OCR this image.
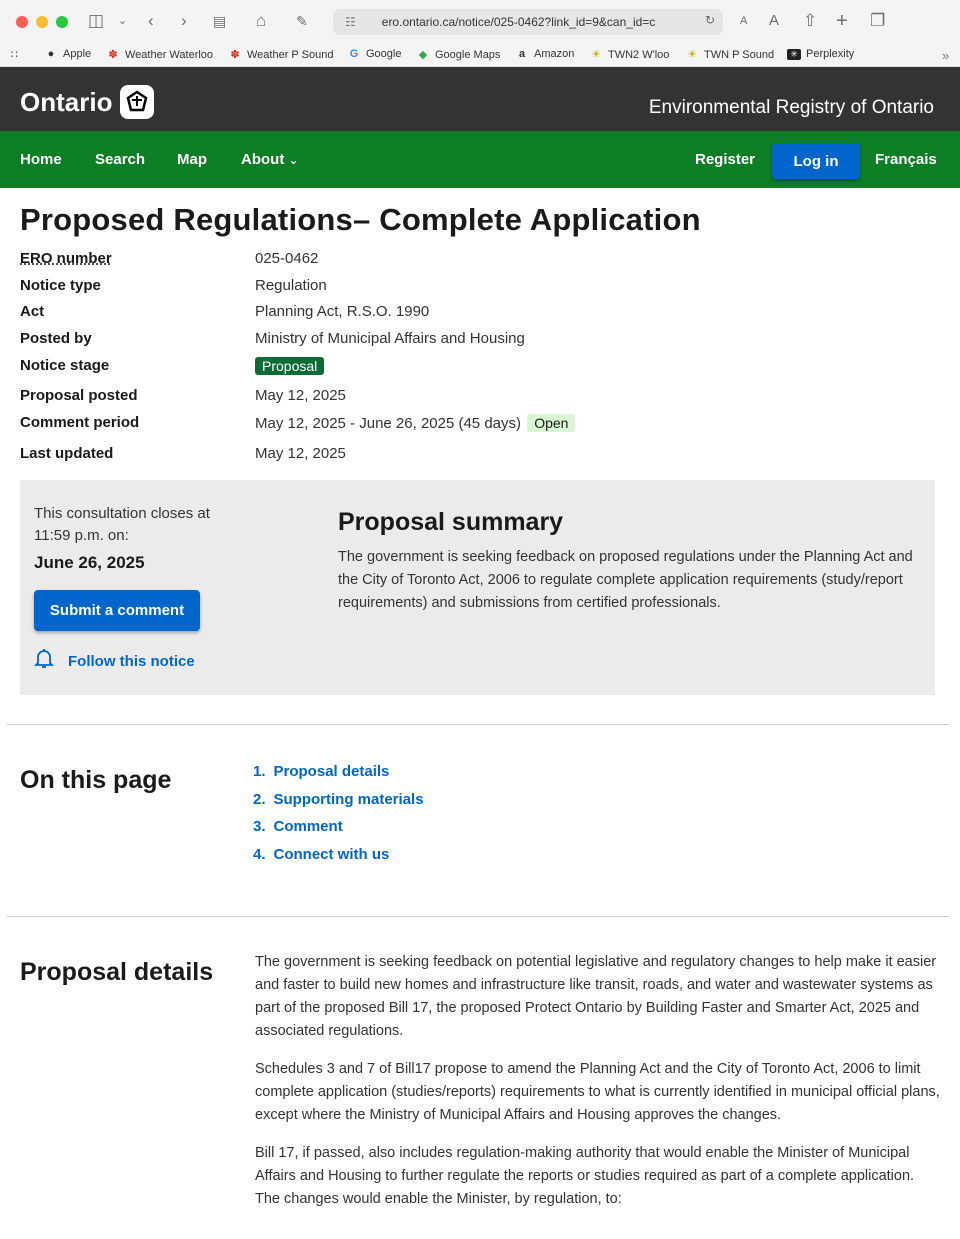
◫ ⌄ ‹ › ▤ ⌂ ✎	☷ ero.ontario.ca/notice/025-0462?link_id=9&can_id=c	↻ A A ⇧ + ❐
∷	● Apple ✽ Weather Waterloo ✽ Weather P Sound G Google ◆ Google Maps	a Amazon ☀ TWN2 W'loo ☀ TWN P Sound	✳ Perplexity	»
Ontario	Environmental Registry of Ontario
Home Search Map About ⌄	Register	Log in	Français
Proposed Regulations– Complete Application
ERO number	025-0462
Notice type	Regulation
Act	Planning Act, R.S.O. 1990
Posted by	Ministry of Municipal Affairs and Housing
Notice stage	Proposal
Proposal posted	May 12, 2025
Comment period	May 12, 2025 - June 26, 2025 (45 days) Open
Last updated	May 12, 2025
This consultation closes at 11:59 p.m. on:
June 26, 2025
Submit a comment
Follow this notice
Proposal summary

The government is seeking feedback on proposed regulations under the Planning Act and the City of Toronto Act, 2006 to regulate complete application requirements (study/report requirements) and submissions from certified professionals.

On this page	1. Proposal details
2. Supporting materials
3. Comment
4. Connect with us
Proposal details	The government is seeking feedback on potential legislative and regulatory changes to help make it easier and faster to build new homes and infrastructure like transit, roads, and water and wastewater systems as part of the proposed Bill 17, the proposed Protect Ontario by Building Faster and Smarter Act, 2025 and associated regulations.

Schedules 3 and 7 of Bill17 propose to amend the Planning Act and the City of Toronto Act, 2006 to limit complete application (studies/reports) requirements to what is currently identified in municipal official plans, except where the Ministry of Municipal Affairs and Housing approves the changes.

Bill 17, if passed, also includes regulation-making authority that would enable the Minister of Municipal Affairs and Housing to further regulate the reports or studies required as part of a complete application. The changes would enable the Minister, by regulation, to:
